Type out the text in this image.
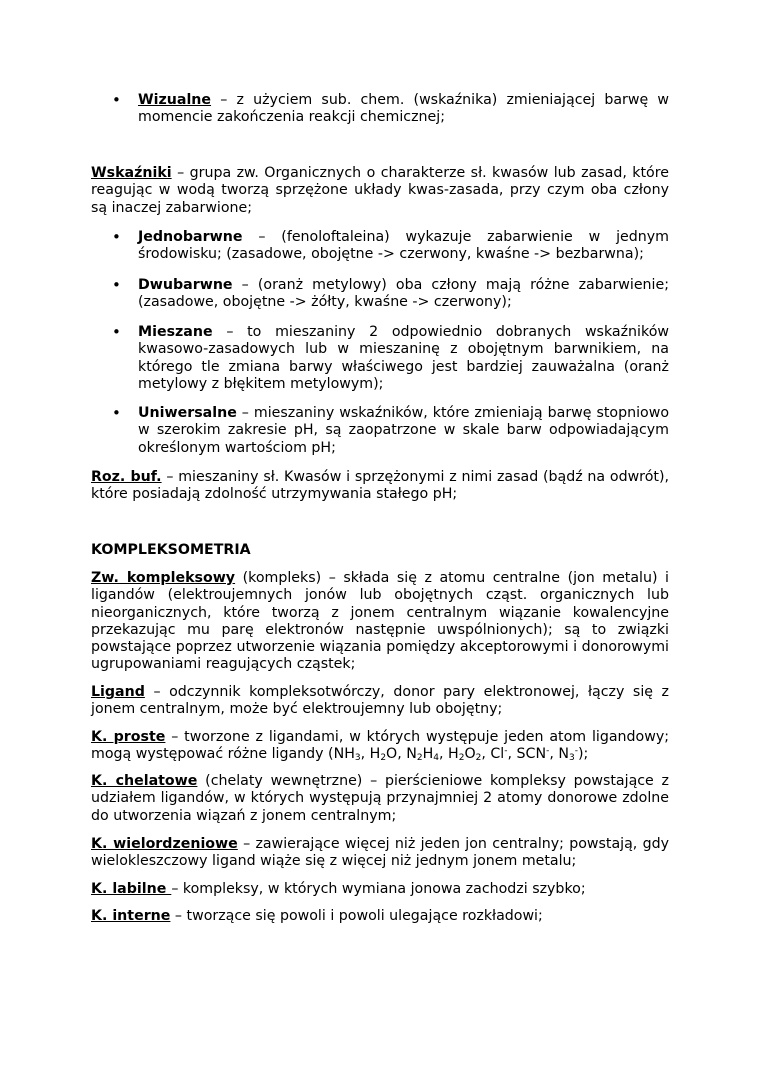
• Wizualne – z użyciem sub. chem. (wskaźnika) zmieniającej barwę w momencie zakończenia reakcji chemicznej;

Wskaźniki – grupa zw. Organicznych o charakterze sł. kwasów lub zasad, które reagując w wodą tworzą sprzężone układy kwas-zasada, przy czym oba człony są inaczej zabarwione;

• Jednobarwne – (fenoloftaleina) wykazuje zabarwienie w jednym środowisku; (zasadowe, obojętne -> czerwony, kwaśne -> bezbarwna);

• Dwubarwne – (oranż metylowy) oba człony mają różne zabarwienie; (zasadowe, obojętne -> żółty, kwaśne -> czerwony);

• Mieszane – to mieszaniny 2 odpowiednio dobranych wskaźników kwasowo-zasadowych lub w mieszaninę z obojętnym barwnikiem, na którego tle zmiana barwy właściwego jest bardziej zauważalna (oranż metylowy z błękitem metylowym);

• Uniwersalne – mieszaniny wskaźników, które zmieniają barwę stopniowo w szerokim zakresie pH, są zaopatrzone w skale barw odpowiadającym określonym wartościom pH;

Roz. buf. – mieszaniny sł. Kwasów i sprzężonymi z nimi zasad (bądź na odwrót), które posiadają zdolność utrzymywania stałego pH;

KOMPLEKSOMETRIA

Zw. kompleksowy (kompleks) – składa się z atomu centralne (jon metalu) i ligandów (elektroujemnych jonów lub obojętnych cząst. organicznych lub nieorganicznych, które tworzą z jonem centralnym wiązanie kowalencyjne przekazując mu parę elektronów następnie uwspólnionych); są to związki powstające poprzez utworzenie wiązania pomiędzy akceptorowymi i donorowymi ugrupowaniami reagujących cząstek;

Ligand – odczynnik kompleksotwórczy, donor pary elektronowej, łączy się z jonem centralnym, może być elektroujemny lub obojętny;

K. proste – tworzone z ligandami, w których występuje jeden atom ligandowy; mogą występować różne ligandy ($NH_3$, $H_2O$, $N_2H_4$, $H_2O_2$, Cl-, SCN-, $N_3^-$);

K. chelatowe (chelaty wewnętrzne) – pierścieniowe kompleksy powstające z udziałem ligandów, w których występują przynajmniej 2 atomy donorowe zdolne do utworzenia wiązań z jonem centralnym;

K. wielordzeniowe – zawierające więcej niż jeden jon centralny; powstają, gdy wielokleszczowy ligand wiąże się z więcej niż jednym jonem metalu;

K. labilne – kompleksy, w których wymiana jonowa zachodzi szybko;

K. interne – tworzące się powoli i powoli ulegające rozkładowi;
